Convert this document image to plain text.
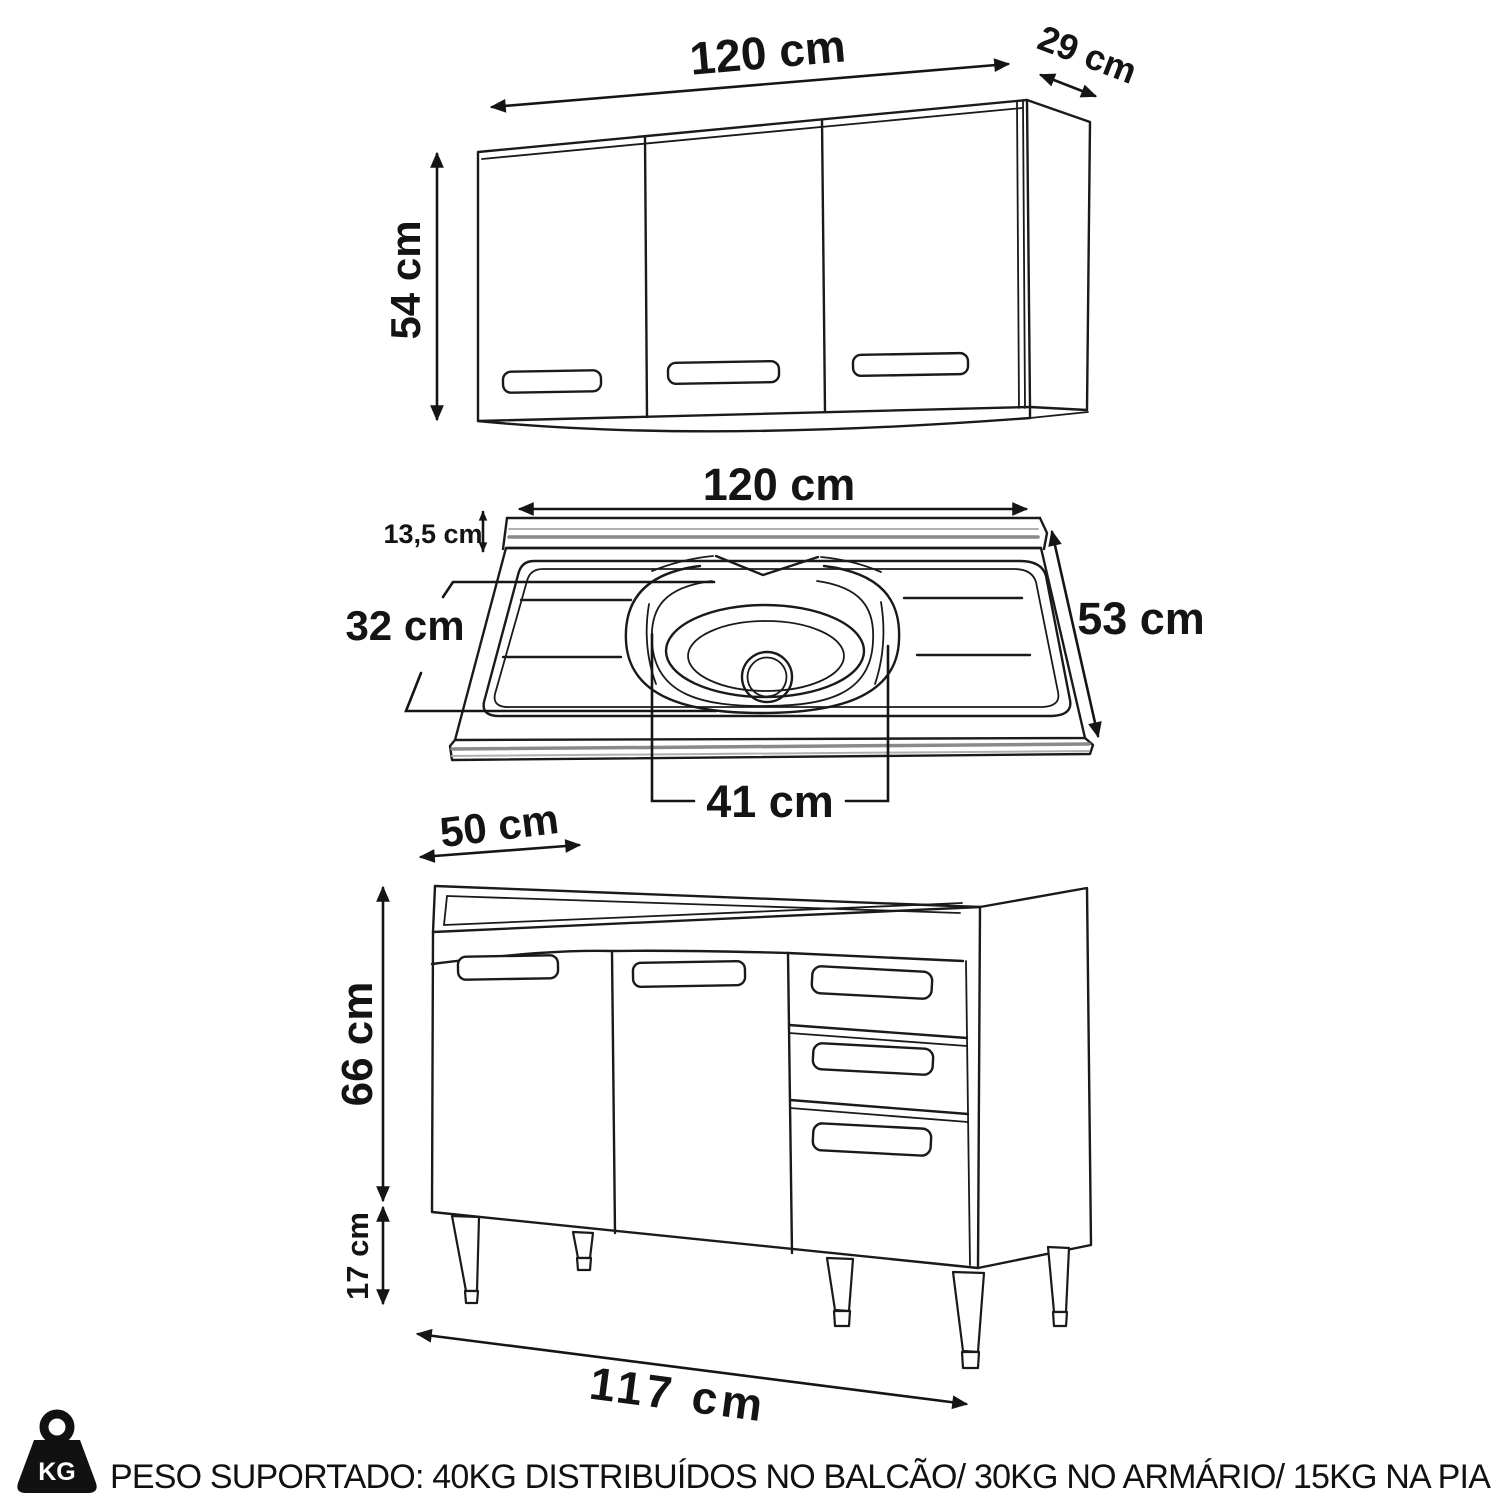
120 cm	29 cm
54 cm
120 cm
13,5 cm
53 cm
32 cm
41 cm
50 cm
66 cm
17 cm
117 cm
KG PESO SUPORTADO: 40KG DISTRIBUÍDOS NO BALCÃO/ 30KG NO ARMÁRIO/ 15KG NA PIA
